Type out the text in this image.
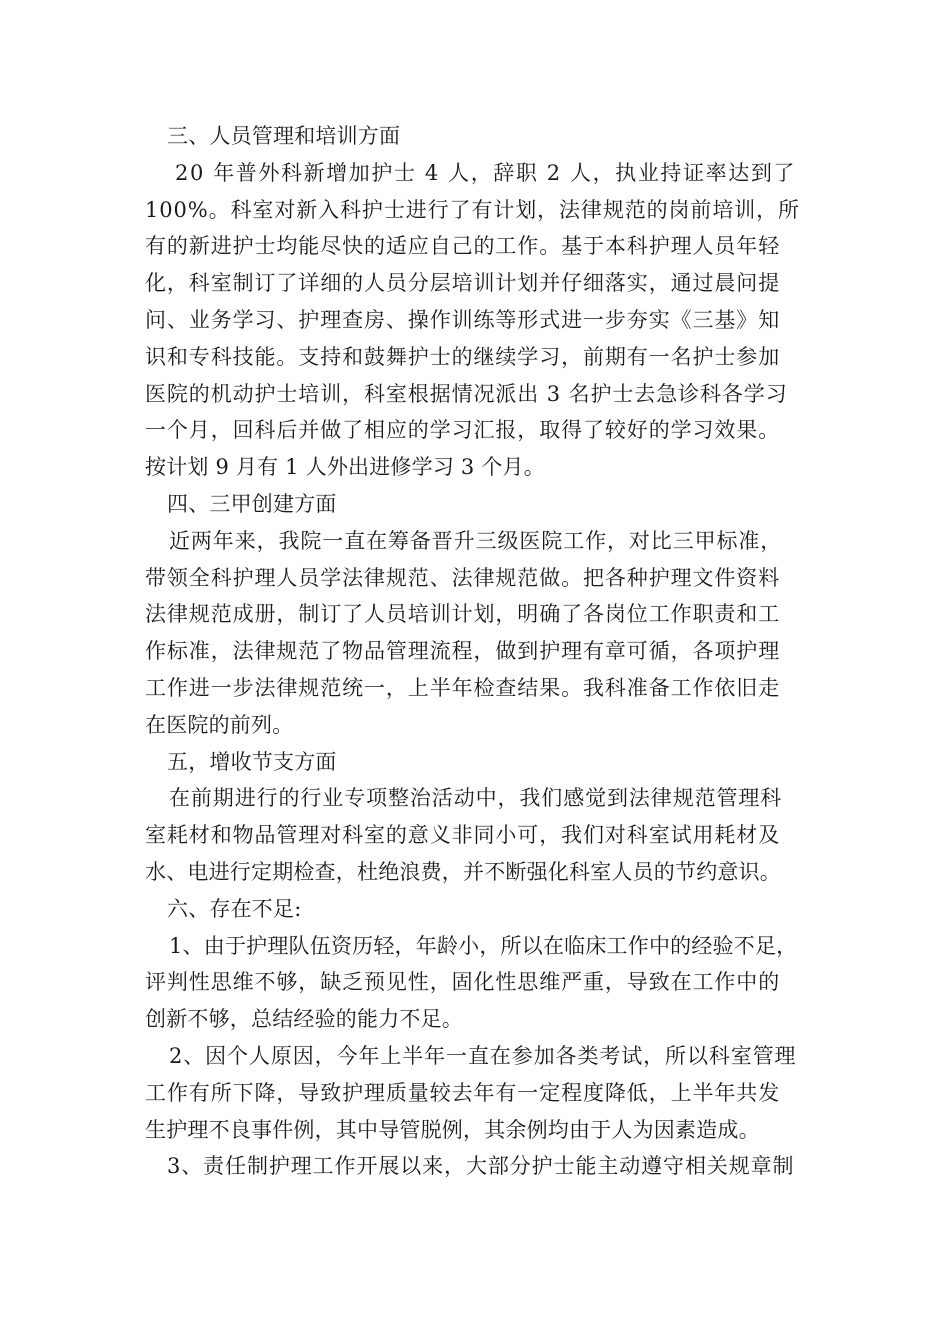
三、人员管理和培训方面
20 年普外科新增加护士 4 人，辞职 2 人，执业持证率达到了
100%。科室对新入科护士进行了有计划，法律规范的岗前培训，所
有的新进护士均能尽快的适应自己的工作。基于本科护理人员年轻
化，科室制订了详细的人员分层培训计划并仔细落实，通过晨问提
问、业务学习、护理查房、操作训练等形式进一步夯实《三基》知
识和专科技能。支持和鼓舞护士的继续学习，前期有一名护士参加
医院的机动护士培训，科室根据情况派出 3 名护士去急诊科各学习
一个月，回科后并做了相应的学习汇报，取得了较好的学习效果。
按计划 9 月有 1 人外出进修学习 3 个月。
四、三甲创建方面
近两年来，我院一直在筹备晋升三级医院工作，对比三甲标准，
带领全科护理人员学法律规范、法律规范做。把各种护理文件资料
法律规范成册，制订了人员培训计划，明确了各岗位工作职责和工
作标准，法律规范了物品管理流程，做到护理有章可循，各项护理
工作进一步法律规范统一，上半年检查结果。我科准备工作依旧走
在医院的前列。
五，增收节支方面
在前期进行的行业专项整治活动中，我们感觉到法律规范管理科
室耗材和物品管理对科室的意义非同小可，我们对科室试用耗材及
水、电进行定期检查，杜绝浪费，并不断强化科室人员的节约意识。
六、存在不足:
1、由于护理队伍资历轻，年龄小，所以在临床工作中的经验不足，
评判性思维不够，缺乏预见性，固化性思维严重，导致在工作中的
创新不够，总结经验的能力不足。
2、因个人原因，今年上半年一直在参加各类考试，所以科室管理
工作有所下降，导致护理质量较去年有一定程度降低，上半年共发
生护理不良事件例，其中导管脱例，其余例均由于人为因素造成。
3、责任制护理工作开展以来，大部分护士能主动遵守相关规章制
